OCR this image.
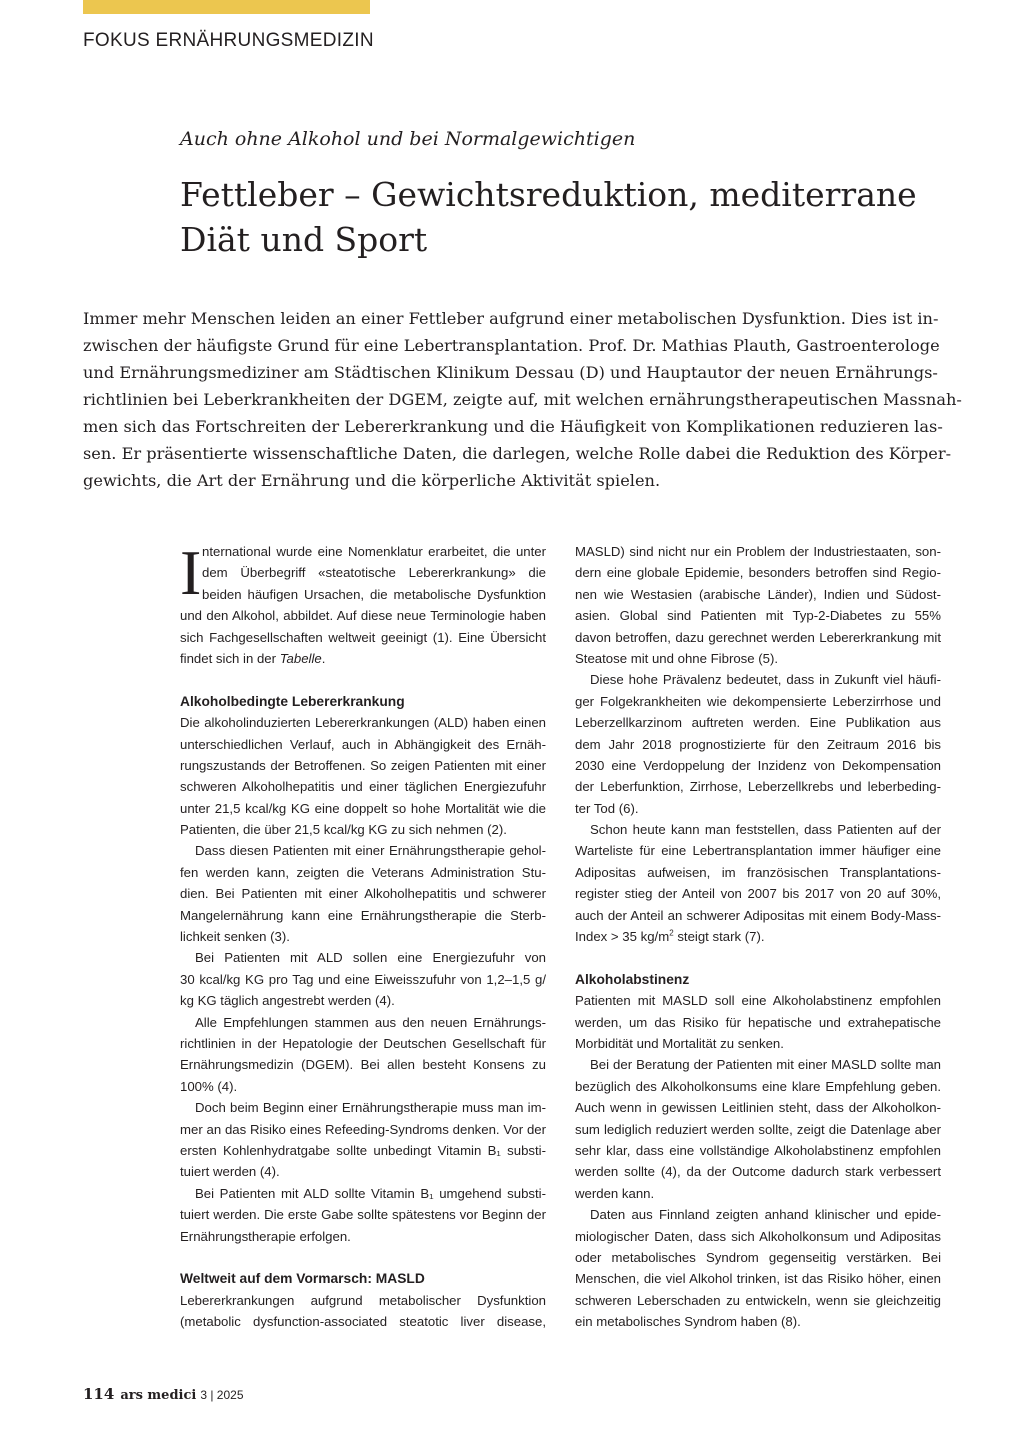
FOKUS ERNÄHRUNGSMEDIZIN
Auch ohne Alkohol und bei Normalgewichtigen
Fettleber – Gewichtsreduktion, mediterrane
Diät und Sport
Immer mehr Menschen leiden an einer Fettleber aufgrund einer metabolischen Dysfunktion. Dies ist in-
zwischen der häufigste Grund für eine Lebertransplantation. Prof. Dr. Mathias Plauth, Gastroenterologe
und Ernährungsmediziner am Städtischen Klinikum Dessau (D) und Hauptautor der neuen Ernährungs-
richtlinien bei Leberkrankheiten der DGEM, zeigte auf, mit welchen ernährungstherapeutischen Massnah-
men sich das Fortschreiten der Lebererkrankung und die Häufigkeit von Komplikationen reduzieren las-
sen. Er präsentierte wissenschaftliche Daten, die darlegen, welche Rolle dabei die Reduktion des Körper-
gewichts, die Art der Ernährung und die körperliche Aktivität spielen.
I nternational wurde eine Nomenklatur erarbeitet, die unter
dem Überbegriff «steatotische Lebererkrankung» die
beiden häufigen Ursachen, die metabolische Dysfunktion
und den Alkohol, abbildet. Auf diese neue Terminologie haben
sich Fachgesellschaften weltweit geeinigt (1). Eine Übersicht
findet sich in der Tabelle.
Alkoholbedingte Lebererkrankung
Die alkoholinduzierten Lebererkrankungen (ALD) haben einen
unterschiedlichen Verlauf, auch in Abhängigkeit des Ernäh-
rungszustands der Betroffenen. So zeigen Patienten mit einer
schweren Alkoholhepatitis und einer täglichen Energiezufuhr
unter 21,5 kcal/kg KG eine doppelt so hohe Mortalität wie die
Patienten, die über 21,5 kcal/kg KG zu sich nehmen (2).
Dass diesen Patienten mit einer Ernährungstherapie gehol-
fen werden kann, zeigten die Veterans Administration Stu-
dien. Bei Patienten mit einer Alkoholhepatitis und schwerer
Mangelernährung kann eine Ernährungstherapie die Sterb-
lichkeit senken (3).
Bei Patienten mit ALD sollen eine Energiezufuhr von
30 kcal/kg KG pro Tag und eine Eiweisszufuhr von 1,2–1,5 g/
kg KG täglich angestrebt werden (4).
Alle Empfehlungen stammen aus den neuen Ernährungs-
richtlinien in der Hepatologie der Deutschen Gesellschaft für
Ernährungsmedizin (DGEM). Bei allen besteht Konsens zu
100% (4).
Doch beim Beginn einer Ernährungstherapie muss man im-
mer an das Risiko eines Refeeding-Syndroms denken. Vor der
ersten Kohlenhydratgabe sollte unbedingt Vitamin B₁ substi-
tuiert werden (4).
Bei Patienten mit ALD sollte Vitamin B₁ umgehend substi-
tuiert werden. Die erste Gabe sollte spätestens vor Beginn der
Ernährungstherapie erfolgen.
Weltweit auf dem Vormarsch: MASLD
Lebererkrankungen aufgrund metabolischer Dysfunktion
(metabolic dysfunction-associated steatotic liver disease,
MASLD) sind nicht nur ein Problem der Industriestaaten, son-
dern eine globale Epidemie, besonders betroffen sind Regio-
nen wie Westasien (arabische Länder), Indien und Südost-
asien. Global sind Patienten mit Typ-2-Diabetes zu 55%
davon betroffen, dazu gerechnet werden Lebererkrankung mit
Steatose mit und ohne Fibrose (5).
Diese hohe Prävalenz bedeutet, dass in Zukunft viel häufi-
ger Folgekrankheiten wie dekompensierte Leberzirrhose und
Leberzellkarzinom auftreten werden. Eine Publikation aus
dem Jahr 2018 prognostizierte für den Zeitraum 2016 bis
2030 eine Verdoppelung der Inzidenz von Dekompensation
der Leberfunktion, Zirrhose, Leberzellkrebs und leberbeding-
ter Tod (6).
Schon heute kann man feststellen, dass Patienten auf der
Warteliste für eine Lebertransplantation immer häufiger eine
Adipositas aufweisen, im französischen Transplantations-
register stieg der Anteil von 2007 bis 2017 von 20 auf 30%,
auch der Anteil an schwerer Adipositas mit einem Body-Mass-
Index > 35 $kg/m^2$ steigt stark (7).
Alkoholabstinenz
Patienten mit MASLD soll eine Alkoholabstinenz empfohlen
werden, um das Risiko für hepatische und extrahepatische
Morbidität und Mortalität zu senken.
Bei der Beratung der Patienten mit einer MASLD sollte man
bezüglich des Alkoholkonsums eine klare Empfehlung geben.
Auch wenn in gewissen Leitlinien steht, dass der Alkoholkon-
sum lediglich reduziert werden sollte, zeigt die Datenlage aber
sehr klar, dass eine vollständige Alkoholabstinenz empfohlen
werden sollte (4), da der Outcome dadurch stark verbessert
werden kann.
Daten aus Finnland zeigten anhand klinischer und epide-
miologischer Daten, dass sich Alkoholkonsum und Adipositas
oder metabolisches Syndrom gegenseitig verstärken. Bei
Menschen, die viel Alkohol trinken, ist das Risiko höher, einen
schweren Leberschaden zu entwickeln, wenn sie gleichzeitig
ein metabolisches Syndrom haben (8).
114 ars medici 3 | 2025
